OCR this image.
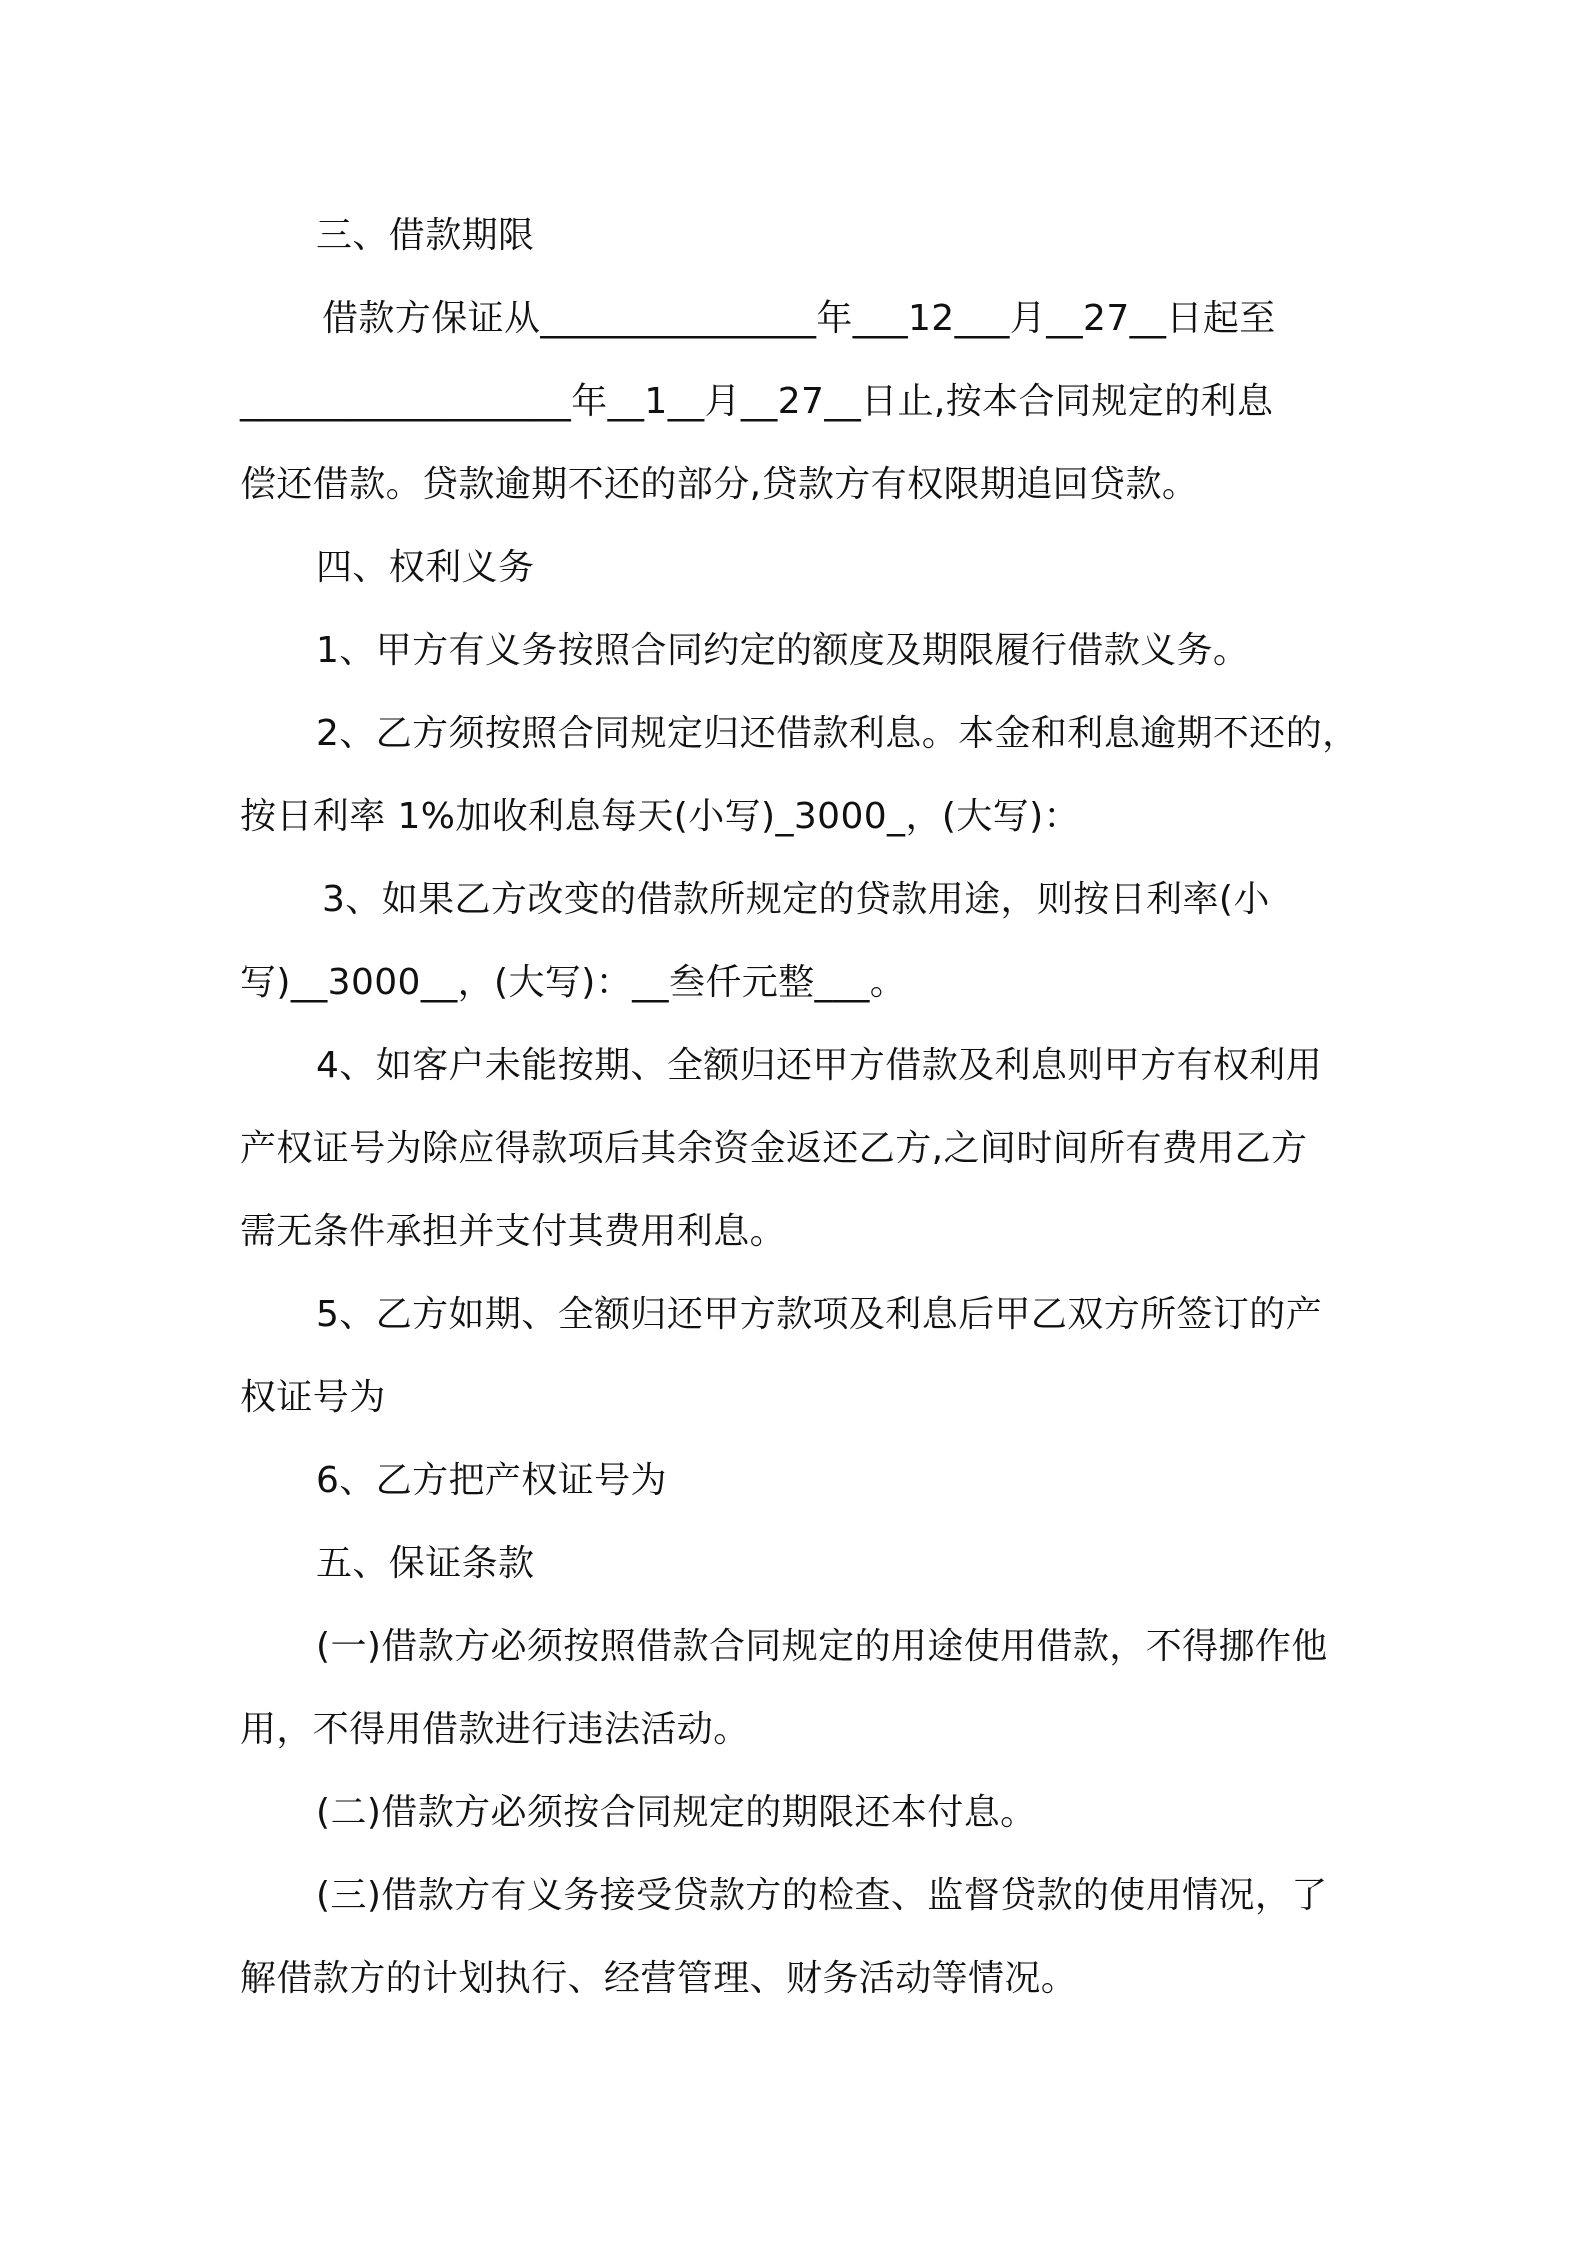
三、借款期限

借款方保证从_______________年___12___月__27__日起至
__________________年__1__月__27__日止,按本合同规定的利息
偿还借款。贷款逾期不还的部分,贷款方有权限期追回贷款。

四、权利义务

1、甲方有义务按照合同约定的额度及期限履行借款义务。

2、乙方须按照合同规定归还借款利息。本金和利息逾期不还的，
按日利率 1%加收利息每天(小写)_3000_，(大写)：

3、如果乙方改变的借款所规定的贷款用途，则按日利率(小
写)__3000__，(大写)：__叁仟元整___。

4、如客户未能按期、全额归还甲方借款及利息则甲方有权利用
产权证号为除应得款项后其余资金返还乙方,之间时间所有费用乙方
需无条件承担并支付其费用利息。

5、乙方如期、全额归还甲方款项及利息后甲乙双方所签订的产
权证号为

6、乙方把产权证号为

五、保证条款

(一)借款方必须按照借款合同规定的用途使用借款，不得挪作他
用，不得用借款进行违法活动。

(二)借款方必须按合同规定的期限还本付息。

(三)借款方有义务接受贷款方的检查、监督贷款的使用情况，了
解借款方的计划执行、经营管理、财务活动等情况。
